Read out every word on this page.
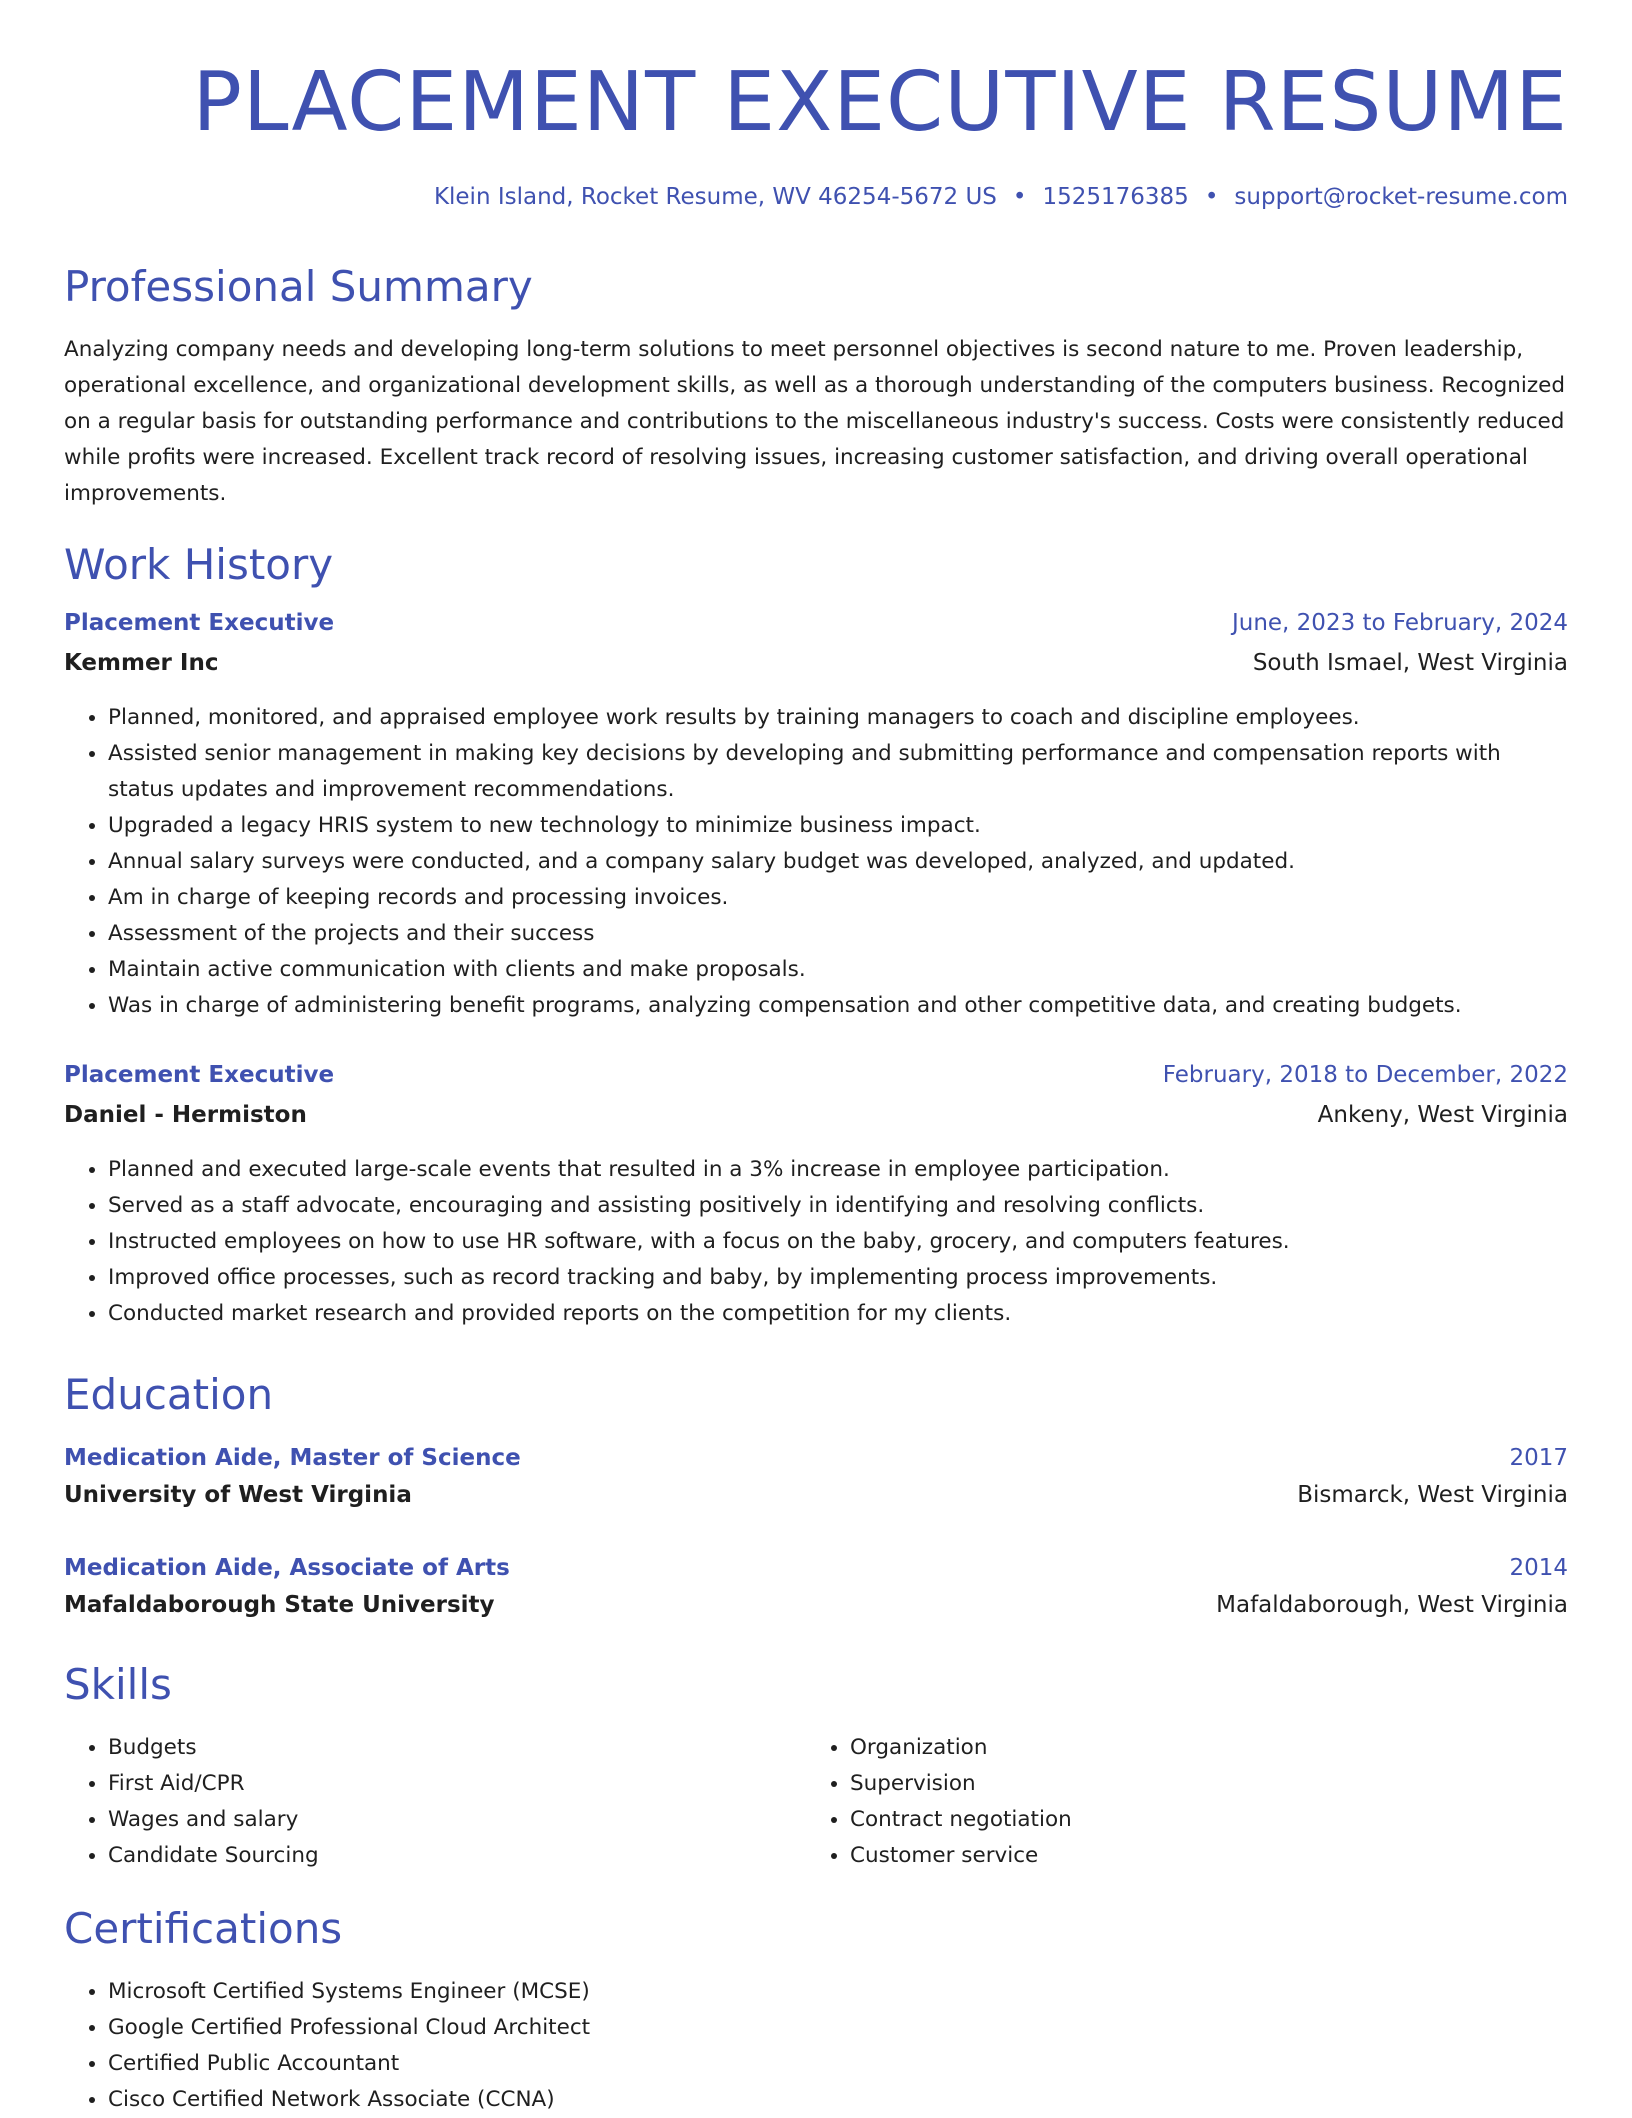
PLACEMENT EXECUTIVE RESUME
Klein Island, Rocket Resume, WV 46254-5672 US • 1525176385 • support@rocket-resume.com
Professional Summary

Analyzing company needs and developing long-term solutions to meet personnel objectives is second nature to me. Proven leadership, operational excellence, and organizational development skills, as well as a thorough understanding of the computers business. Recognized on a regular basis for outstanding performance and contributions to the miscellaneous industry's success. Costs were consistently reduced while profits were increased. Excellent track record of resolving issues, increasing customer satisfaction, and driving overall operational improvements.

Work History
Placement Executive	June, 2023 to February, 2024
Kemmer Inc	South Ismael, West Virginia
• Planned, monitored, and appraised employee work results by training managers to coach and discipline employees.
• Assisted senior management in making key decisions by developing and submitting performance and compensation reports with status updates and improvement recommendations.
• Upgraded a legacy HRIS system to new technology to minimize business impact.
• Annual salary surveys were conducted, and a company salary budget was developed, analyzed, and updated.
• Am in charge of keeping records and processing invoices.
• Assessment of the projects and their success
• Maintain active communication with clients and make proposals.
• Was in charge of administering benefit programs, analyzing compensation and other competitive data, and creating budgets.
Placement Executive	February, 2018 to December, 2022
Daniel - Hermiston	Ankeny, West Virginia
• Planned and executed large-scale events that resulted in a 3% increase in employee participation.
• Served as a staff advocate, encouraging and assisting positively in identifying and resolving conflicts.
• Instructed employees on how to use HR software, with a focus on the baby, grocery, and computers features.
• Improved office processes, such as record tracking and baby, by implementing process improvements.
• Conducted market research and provided reports on the competition for my clients.
Education
Medication Aide, Master of Science	2017
University of West Virginia	Bismarck, West Virginia
Medication Aide, Associate of Arts	2014
Mafaldaborough State University	Mafaldaborough, West Virginia
Skills
• Budgets
• First Aid/CPR
• Wages and salary
• Candidate Sourcing
• Organization
• Supervision
• Contract negotiation
• Customer service
Certifications
• Microsoft Certified Systems Engineer (MCSE)
• Google Certified Professional Cloud Architect
• Certified Public Accountant
• Cisco Certified Network Associate (CCNA)
